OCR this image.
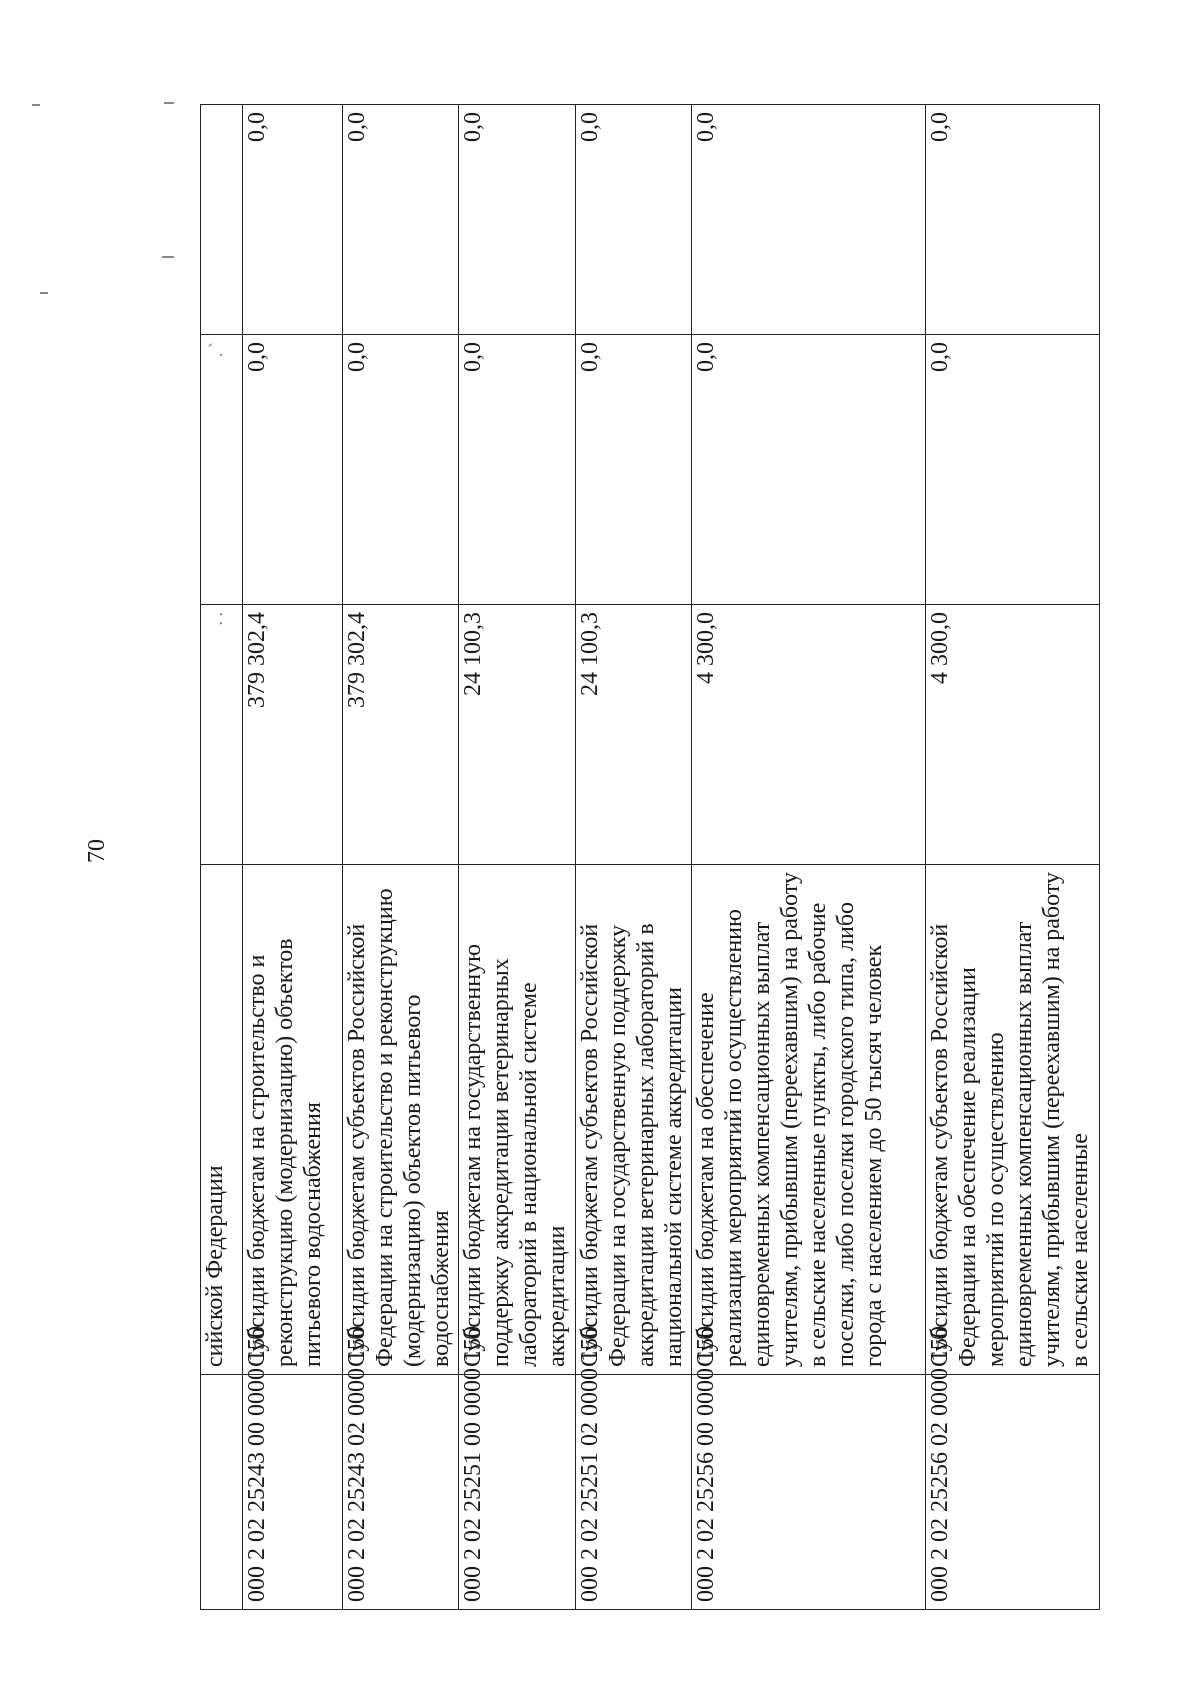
70
	сийской Федерации	. .	. `	
000 2 02 25243 00 0000 150	Субсидии бюджетам на строительство и реконструкцию (модернизацию) объектов питьевого водоснабжения	379 302,4	0,0	0,0
000 2 02 25243 02 0000 150	Субсидии бюджетам субъектов Российской Федерации на строительство и реконструкцию (модернизацию) объектов питьевого водоснабжения	379 302,4	0,0	0,0
000 2 02 25251 00 0000 150	Субсидии бюджетам на государственную поддержку аккредитации ветеринарных лабораторий в национальной системе аккредитации	24 100,3	0,0	0,0
000 2 02 25251 02 0000 150	Субсидии бюджетам субъектов Российской Федерации на государственную поддержку аккредитации ветеринарных лабораторий в национальной системе аккредитации	24 100,3	0,0	0,0
000 2 02 25256 00 0000 150	Субсидии бюджетам на обеспечение реализации мероприятий по осуществлению единовременных компенсационных выплат учителям, прибывшим (переехавшим) на работу в сельские населенные пункты, либо рабочие поселки, либо поселки городского типа, либо города с населением до 50 тысяч человек	4 300,0	0,0	0,0
000 2 02 25256 02 0000 150	Субсидии бюджетам субъектов Российской Федерации на обеспечение реализации мероприятий по осуществлению единовременных компенсационных выплат учителям, прибывшим (переехавшим) на работу в сельские населенные	4 300,0	0,0	0,0
